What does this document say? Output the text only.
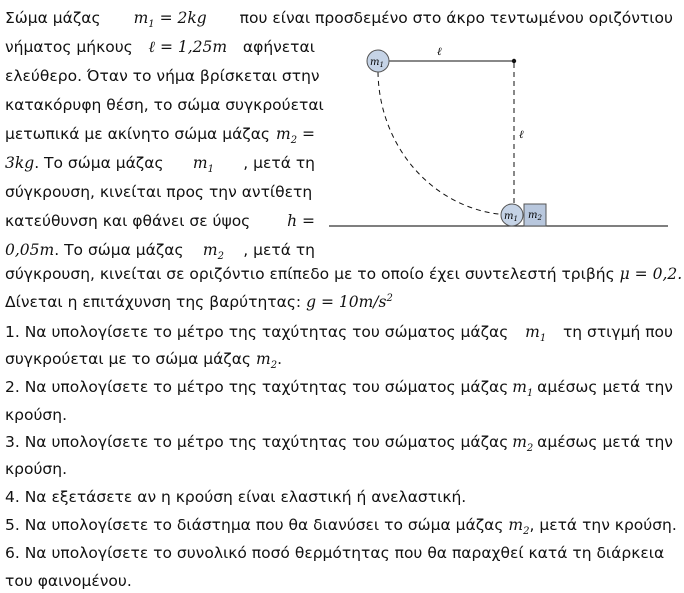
Σώμα μάζας $m_1 = 2kg$ που είναι προσδεμένο στο άκρο τεντωμένου οριζόντιου
νήματος μήκους ℓ = 1,25m αφήνεται
ελεύθερο. Όταν το νήμα βρίσκεται στην
κατακόρυφη θέση, το σώμα συγκρούεται
μετωπικά με ακίνητο σώμα μάζας $m_2$ =
3kg. Το σώμα μάζας $m_1$ , μετά τη
σύγκρουση, κινείται προς την αντίθετη
κατεύθυνση και φθάνει σε ύψος h =
0,05m. Το σώμα μάζας $m_2$ , μετά τη
σύγκρουση, κινείται σε οριζόντιο επίπεδο με το οποίο έχει συντελεστή τριβής μ = 0,2.
Δίνεται η επιτάχυνση της βαρύτητας: $g = 10m/s^2$
1. Να υπολογίσετε το μέτρο της ταχύτητας του σώματος μάζας $m_1$ τη στιγμή που
συγκρούεται με το σώμα μάζας $m_2$.
2. Να υπολογίσετε το μέτρο της ταχύτητας του σώματος μάζας $m_1$ αμέσως μετά την
κρούση.
3. Να υπολογίσετε το μέτρο της ταχύτητας του σώματος μάζας $m_2$ αμέσως μετά την
κρούση.
4. Να εξετάσετε αν η κρούση είναι ελαστική ή ανελαστική.
5. Να υπολογίσετε το διάστημα που θα διανύσει το σώμα μάζας $m_2$, μετά την κρούση.
6. Να υπολογίσετε το συνολικό ποσό θερμότητας που θα παραχθεί κατά τη διάρκεια
του φαινομένου.
ℓ
ℓ
$m_1$
$m_1$ $m_2$
